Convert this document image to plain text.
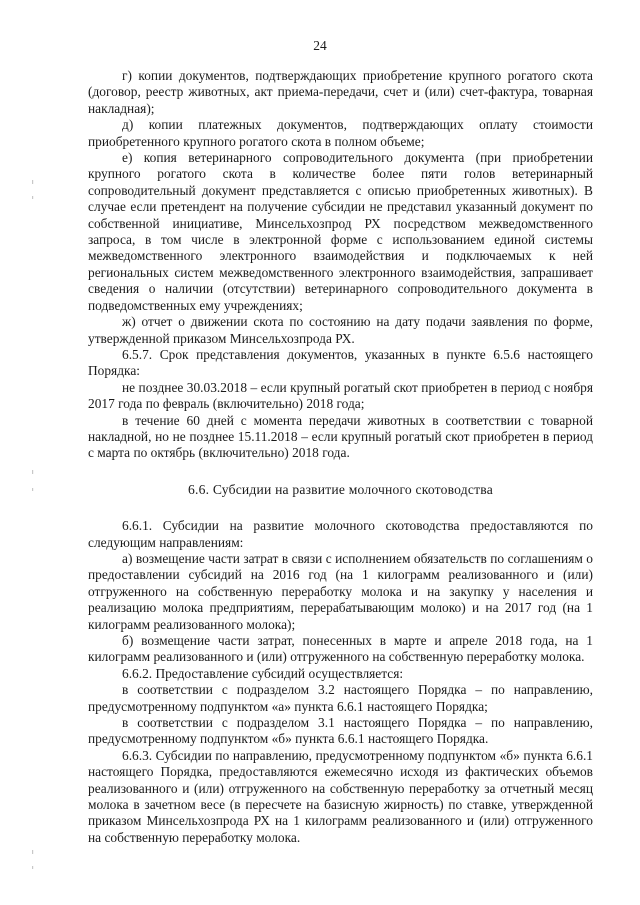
24

г) копии документов, подтверждающих приобретение крупного рогатого скота (договор, реестр животных, акт приема-передачи, счет и (или) счет-фактура, товарная накладная);

д) копии платежных документов, подтверждающих оплату стоимости приобретенного крупного рогатого скота в полном объеме;

е) копия ветеринарного сопроводительного документа (при приобретении крупного рогатого скота в количестве более пяти голов ветеринарный сопроводительный документ представляется с описью приобретенных животных). В случае если претендент на получение субсидии не представил указанный документ по собственной инициативе, Минсельхозпрод РХ посредством межведомственного запроса, в том числе в электронной форме с использованием единой системы межведомственного электронного взаимодействия и подключаемых к ней региональных систем межведомственного электронного взаимодействия, запрашивает сведения о наличии (отсутствии) ветеринарного сопроводительного документа в подведомственных ему учреждениях;

ж) отчет о движении скота по состоянию на дату подачи заявления по форме, утвержденной приказом Минсельхозпрода РХ.

6.5.7. Срок представления документов, указанных в пункте 6.5.6 настоящего Порядка:

не позднее 30.03.2018 – если крупный рогатый скот приобретен в период с ноября 2017 года по февраль (включительно) 2018 года;

в течение 60 дней с момента передачи животных в соответствии с товарной накладной, но не позднее 15.11.2018 – если крупный рогатый скот приобретен в период с марта по октябрь (включительно) 2018 года.

6.6. Субсидии на развитие молочного скотоводства

6.6.1. Субсидии на развитие молочного скотоводства предоставляются по следующим направлениям:

а) возмещение части затрат в связи с исполнением обязательств по соглашениям о предоставлении субсидий на 2016 год (на 1 килограмм реализованного и (или) отгруженного на собственную переработку молока и на закупку у населения и реализацию молока предприятиям, перерабатывающим молоко) и на 2017 год (на 1 килограмм реализованного молока);

б) возмещение части затрат, понесенных в марте и апреле 2018 года, на 1 килограмм реализованного и (или) отгруженного на собственную переработку молока.

6.6.2. Предоставление субсидий осуществляется:

в соответствии с подразделом 3.2 настоящего Порядка – по направлению, предусмотренному подпунктом «а» пункта 6.6.1 настоящего Порядка;

в соответствии с подразделом 3.1 настоящего Порядка – по направлению, предусмотренному подпунктом «б» пункта 6.6.1 настоящего Порядка.

6.6.3. Субсидии по направлению, предусмотренному подпунктом «б» пункта 6.6.1 настоящего Порядка, предоставляются ежемесячно исходя из фактических объемов реализованного и (или) отгруженного на собственную переработку за отчетный месяц молока в зачетном весе (в пересчете на базисную жирность) по ставке, утвержденной приказом Минсельхозпрода РХ на 1 килограмм реализованного и (или) отгруженного на собственную переработку молока.
